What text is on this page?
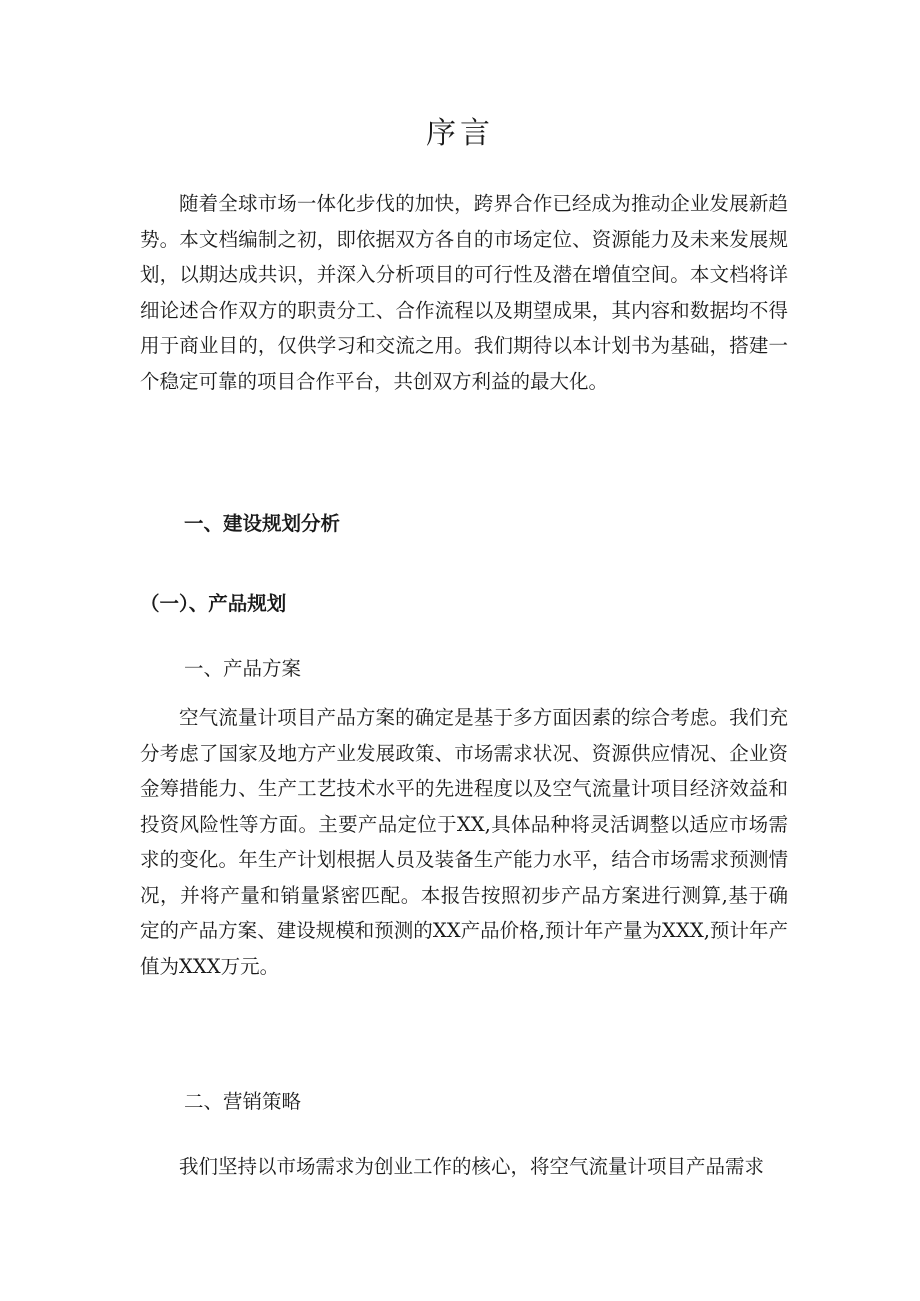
序言

随着全球市场一体化步伐的加快，跨界合作已经成为推动企业发展新趋势。本文档编制之初，即依据双方各自的市场定位、资源能力及未来发展规划，以期达成共识，并深入分析项目的可行性及潜在增值空间。本文档将详细论述合作双方的职责分工、合作流程以及期望成果，其内容和数据均不得用于商业目的，仅供学习和交流之用。我们期待以本计划书为基础，搭建一个稳定可靠的项目合作平台，共创双方利益的最大化。

一、建设规划分析
（一）、产品规划
一、产品方案

空气流量计项目产品方案的确定是基于多方面因素的综合考虑。我们充分考虑了国家及地方产业发展政策、市场需求状况、资源供应情况、企业资金筹措能力、生产工艺技术水平的先进程度以及空气流量计项目经济效益和投资风险性等方面。主要产品定位于XX,具体品种将灵活调整以适应市场需求的变化。年生产计划根据人员及装备生产能力水平，结合市场需求预测情况，并将产量和销量紧密匹配。本报告按照初步产品方案进行测算,基于确定的产品方案、建设规模和预测的XX产品价格,预计年产量为XXX,预计年产值为XXX万元。

二、营销策略

我们坚持以市场需求为创业工作的核心，将空气流量计项目产品需求
